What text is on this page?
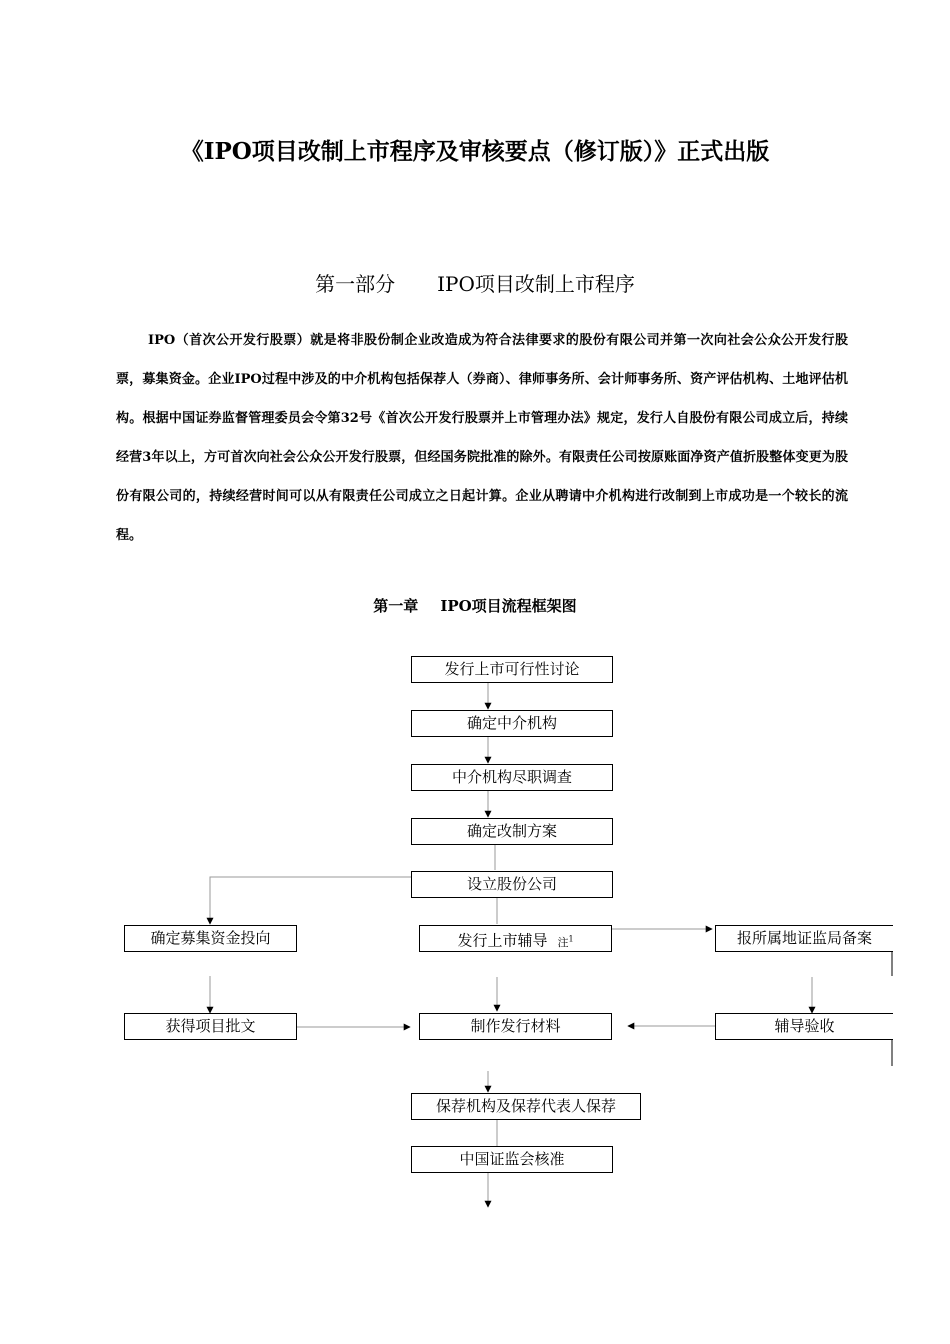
《IPO项目改制上市程序及审核要点（修订版）》正式出版
第一部分 IPO项目改制上市程序

IPO（首次公开发行股票）就是将非股份制企业改造成为符合法律要求的股份有限公司并第一次向社会公众公开发行股票，募集资金。企业IPO过程中涉及的中介机构包括保荐人（券商）、律师事务所、会计师事务所、资产评估机构、土地评估机构。根据中国证券监督管理委员会令第32号《首次公开发行股票并上市管理办法》规定，发行人自股份有限公司成立后，持续经营3年以上，方可首次向社会公众公开发行股票，但经国务院批准的除外。有限责任公司按原账面净资产值折股整体变更为股份有限公司的，持续经营时间可以从有限责任公司成立之日起计算。企业从聘请中介机构进行改制到上市成功是一个较长的流程。

第一章 IPO项目流程框架图
发行上市可行性讨论
确定中介机构
中介机构尽职调查
确定改制方案
设立股份公司
确定募集资金投向	发行上市辅导 注$^1$	报所属地证监局备案
获得项目批文	制作发行材料	辅导验收
保荐机构及保荐代表人保荐
中国证监会核准
